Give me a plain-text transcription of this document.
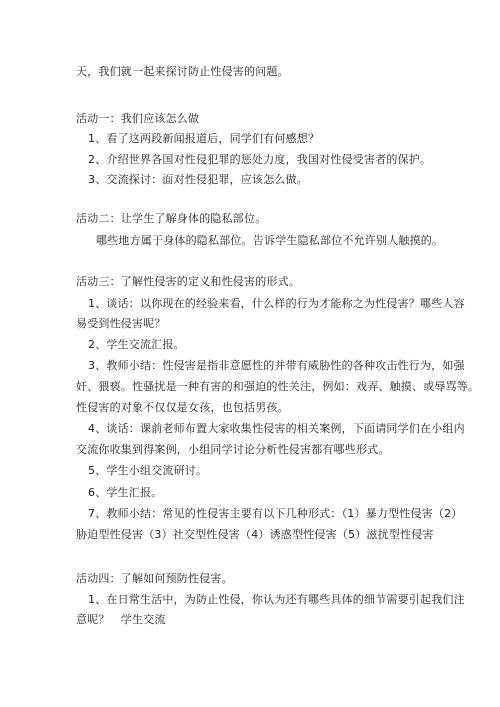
天，我们就一起来探讨防止性侵害的问题。
活动一：我们应该怎么做
1、看了这两段新闻报道后，同学们有何感想？
2、介绍世界各国对性侵犯罪的惩处力度，我国对性侵受害者的保护。
3、交流探讨：面对性侵犯罪，应该怎么做。
活动二：让学生了解身体的隐私部位。
哪些地方属于身体的隐私部位。告诉学生隐私部位不允许别人触摸的。
活动三：了解性侵害的定义和性侵害的形式。
1、谈话：以你现在的经验来看，什么样的行为才能称之为性侵害？哪些人容
易受到性侵害呢？
2、学生交流汇报。
3、教师小结：性侵害是指非意愿性的并带有威胁性的各种攻击性行为，如强
奸、猥亵。性骚扰是一种有害的和强迫的性关注，例如：戏弄、触摸、或辱骂等。
性侵害的对象不仅仅是女孩，也包括男孩。
4、谈话：课前老师布置大家收集性侵害的相关案例，下面请同学们在小组内
交流你收集到得案例，小组同学讨论分析性侵害都有哪些形式。
5、学生小组交流研讨。
6、学生汇报。
7、教师小结：常见的性侵害主要有以下几种形式：（1）暴力型性侵害（2）
胁迫型性侵害（3）社交型性侵害（4）诱惑型性侵害（5）滋扰型性侵害
活动四：了解如何预防性侵害。
1、在日常生活中，为防止性侵，你认为还有哪些具体的细节需要引起我们注
意呢？　学生交流
